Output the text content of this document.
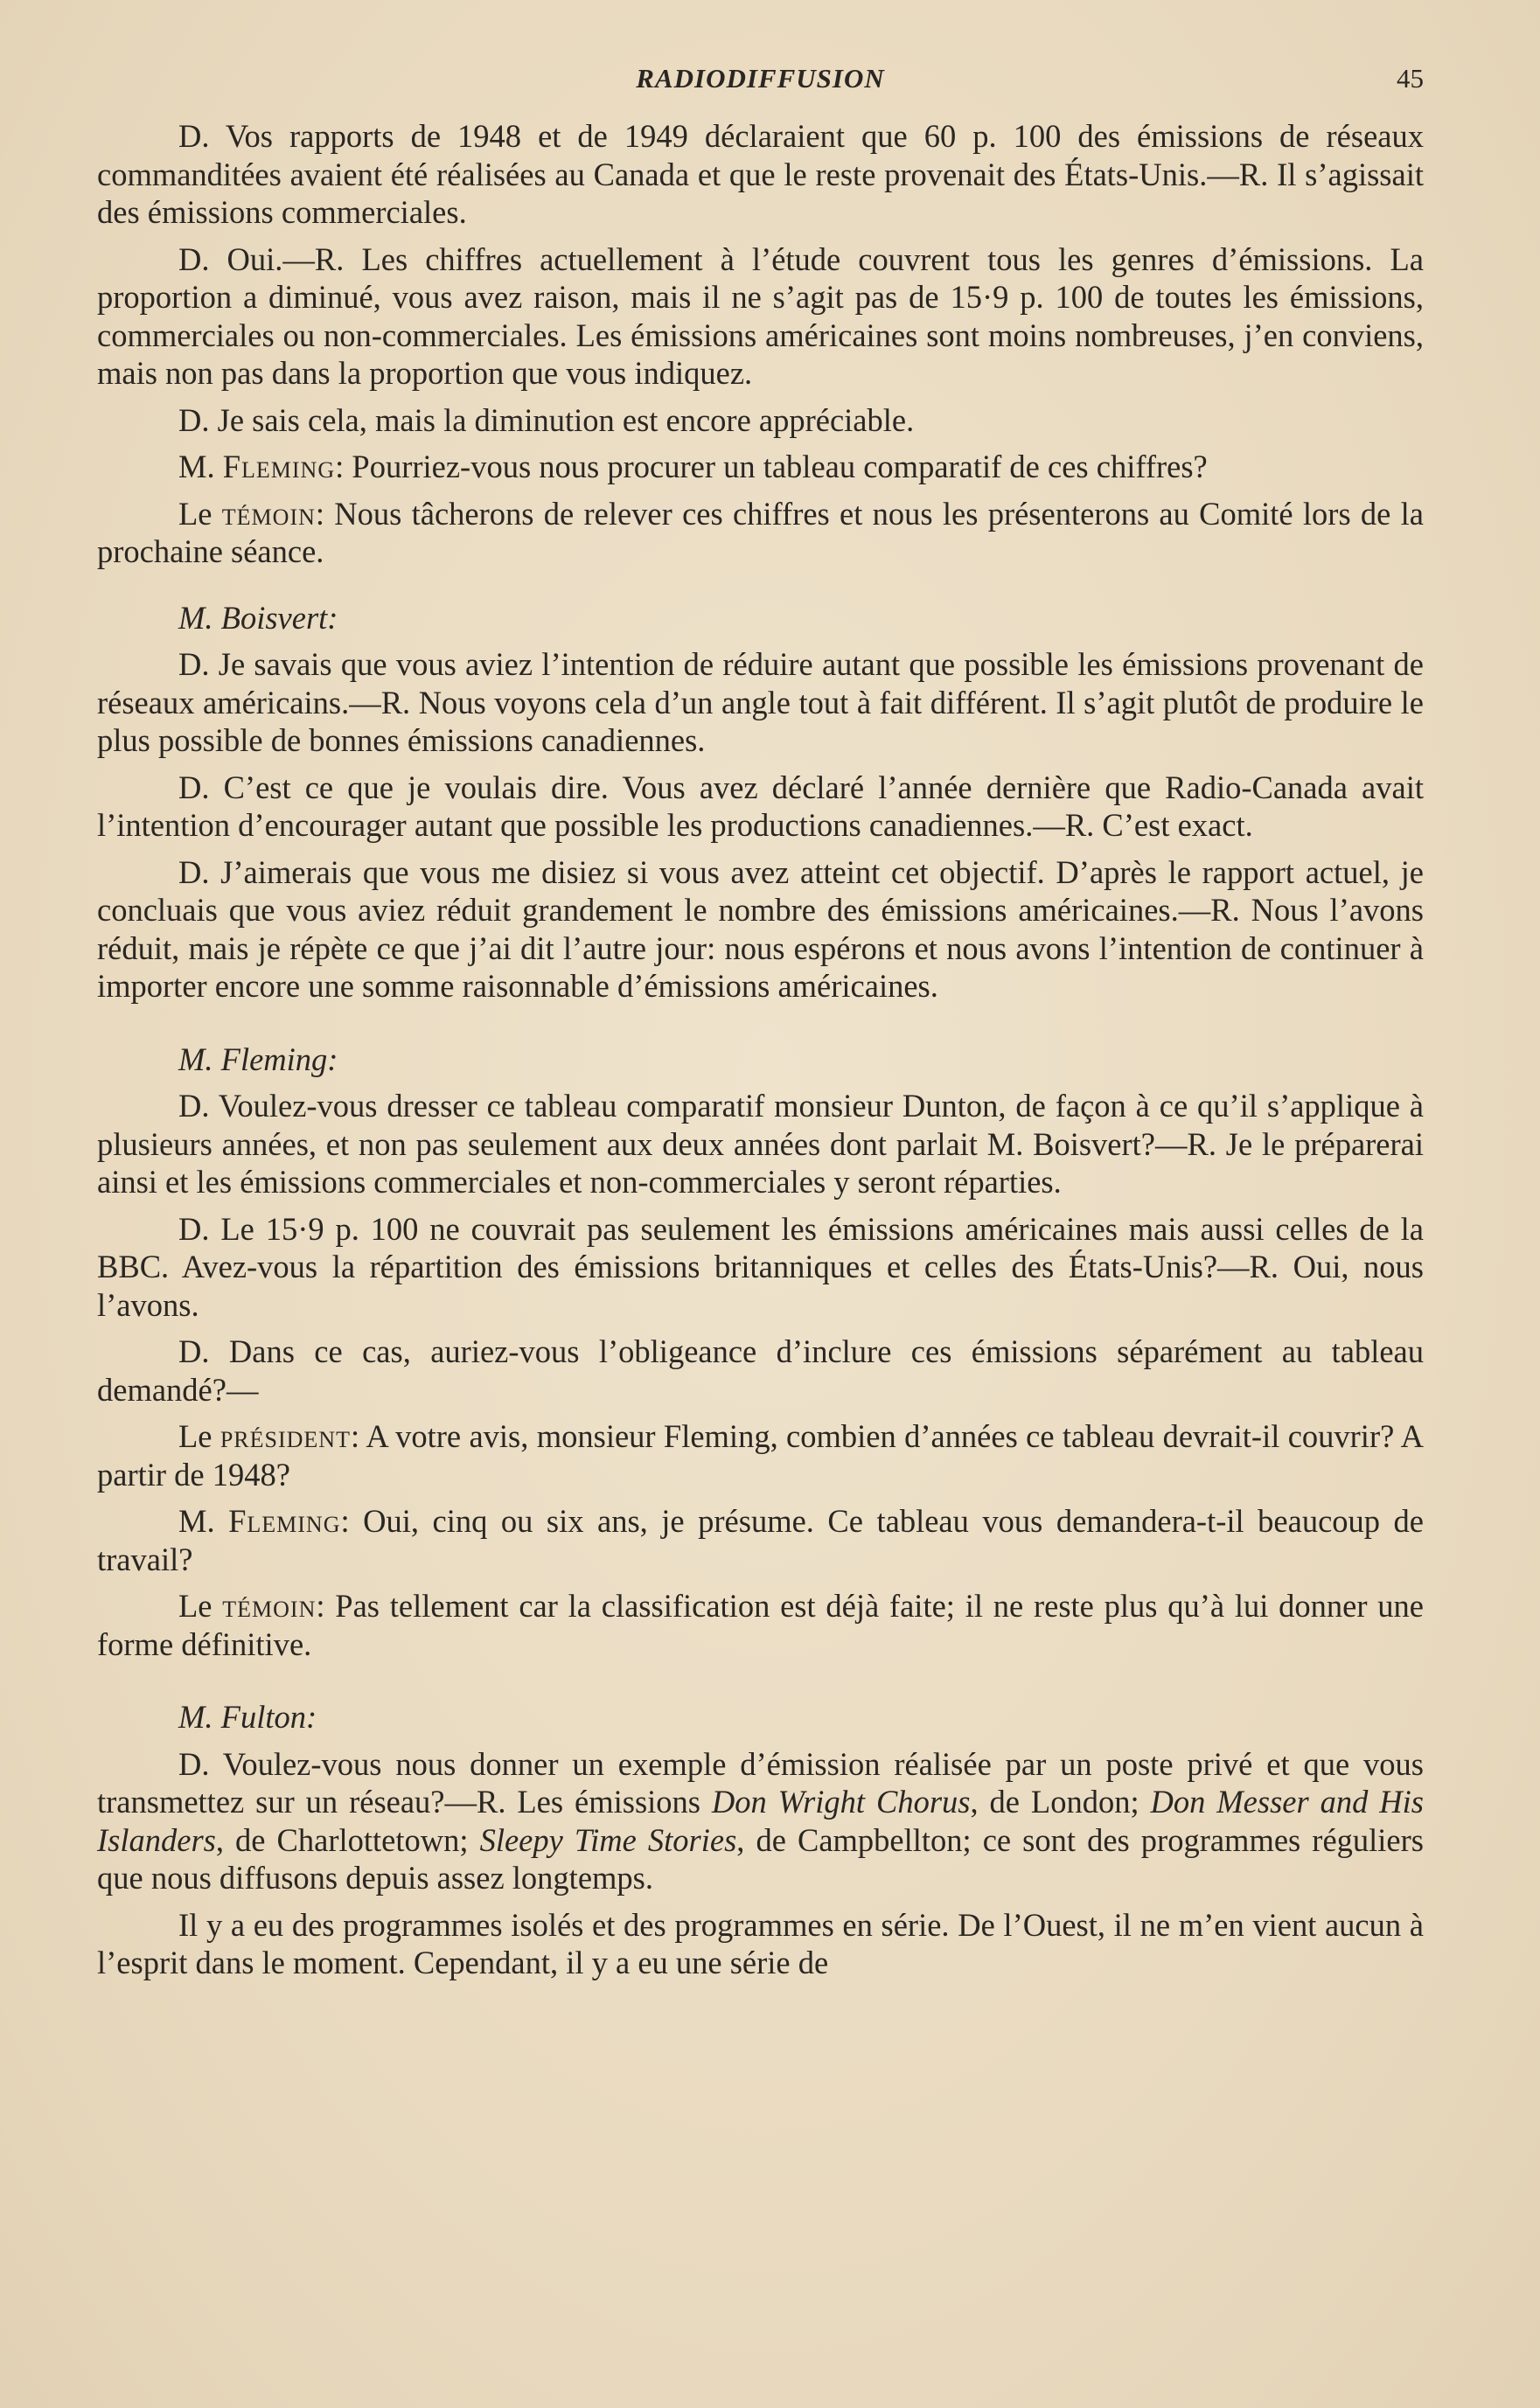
RADIODIFFUSION	45

D. Vos rapports de 1948 et de 1949 déclaraient que 60 p. 100 des émissions de réseaux commanditées avaient été réalisées au Canada et que le reste provenait des États-Unis.—R. Il s’agissait des émissions commerciales.

D. Oui.—R. Les chiffres actuellement à l’étude couvrent tous les genres d’émissions. La proportion a diminué, vous avez raison, mais il ne s’agit pas de 15·9 p. 100 de toutes les émissions, commerciales ou non-commerciales. Les émissions américaines sont moins nombreuses, j’en conviens, mais non pas dans la proportion que vous indiquez.

D. Je sais cela, mais la diminution est encore appréciable.

M. Fleming: Pourriez-vous nous procurer un tableau comparatif de ces chiffres?

Le témoin: Nous tâcherons de relever ces chiffres et nous les présenterons au Comité lors de la prochaine séance.

M. Boisvert:

D. Je savais que vous aviez l’intention de réduire autant que possible les émissions provenant de réseaux américains.—R. Nous voyons cela d’un angle tout à fait différent. Il s’agit plutôt de produire le plus possible de bonnes émissions canadiennes.

D. C’est ce que je voulais dire. Vous avez déclaré l’année dernière que Radio-Canada avait l’intention d’encourager autant que possible les productions canadiennes.—R. C’est exact.

D. J’aimerais que vous me disiez si vous avez atteint cet objectif. D’après le rapport actuel, je concluais que vous aviez réduit grandement le nombre des émissions américaines.—R. Nous l’avons réduit, mais je répète ce que j’ai dit l’autre jour: nous espérons et nous avons l’intention de continuer à importer encore une somme raisonnable d’émissions américaines.

M. Fleming:

D. Voulez-vous dresser ce tableau comparatif monsieur Dunton, de façon à ce qu’il s’applique à plusieurs années, et non pas seulement aux deux années dont parlait M. Boisvert?—R. Je le préparerai ainsi et les émissions commerciales et non-commerciales y seront réparties.

D. Le 15·9 p. 100 ne couvrait pas seulement les émissions américaines mais aussi celles de la BBC. Avez-vous la répartition des émissions britanniques et celles des États-Unis?—R. Oui, nous l’avons.

D. Dans ce cas, auriez-vous l’obligeance d’inclure ces émissions séparément au tableau demandé?—

Le président: A votre avis, monsieur Fleming, combien d’années ce tableau devrait-il couvrir? A partir de 1948?

M. Fleming: Oui, cinq ou six ans, je présume. Ce tableau vous demandera-t-il beaucoup de travail?

Le témoin: Pas tellement car la classification est déjà faite; il ne reste plus qu’à lui donner une forme définitive.

M. Fulton:

D. Voulez-vous nous donner un exemple d’émission réalisée par un poste privé et que vous transmettez sur un réseau?—R. Les émissions Don Wright Chorus, de London; Don Messer and His Islanders, de Charlottetown; Sleepy Time Stories, de Campbellton; ce sont des programmes réguliers que nous diffusons depuis assez longtemps.

Il y a eu des programmes isolés et des programmes en série. De l’Ouest, il ne m’en vient aucun à l’esprit dans le moment. Cependant, il y a eu une série de
